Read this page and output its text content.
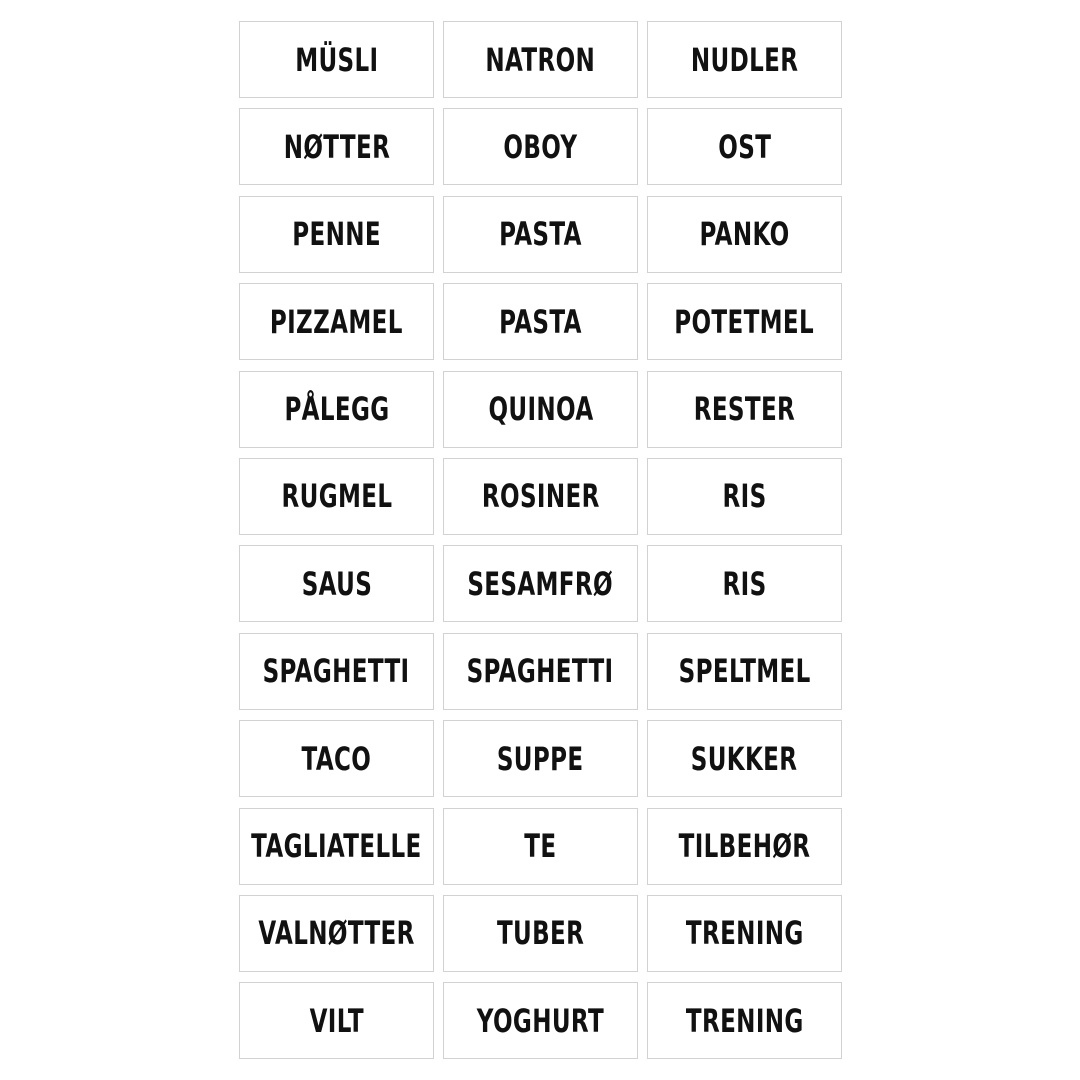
MÜSLI	NATRON	NUDLER
NØTTER	OBOY	OST
PENNE	PASTA	PANKO
PIZZAMEL	PASTA	POTETMEL
PÅLEGG	QUINOA	RESTER
RUGMEL	ROSINER	RIS
SAUS	SESAMFRØ	RIS
SPAGHETTI SPAGHETTI SPELTMEL
TACO	SUPPE	SUKKER
TAGLIATELLE	TE	TILBEHØR
VALNØTTER	TUBER	TRENING
VILT	YOGHURT	TRENING
